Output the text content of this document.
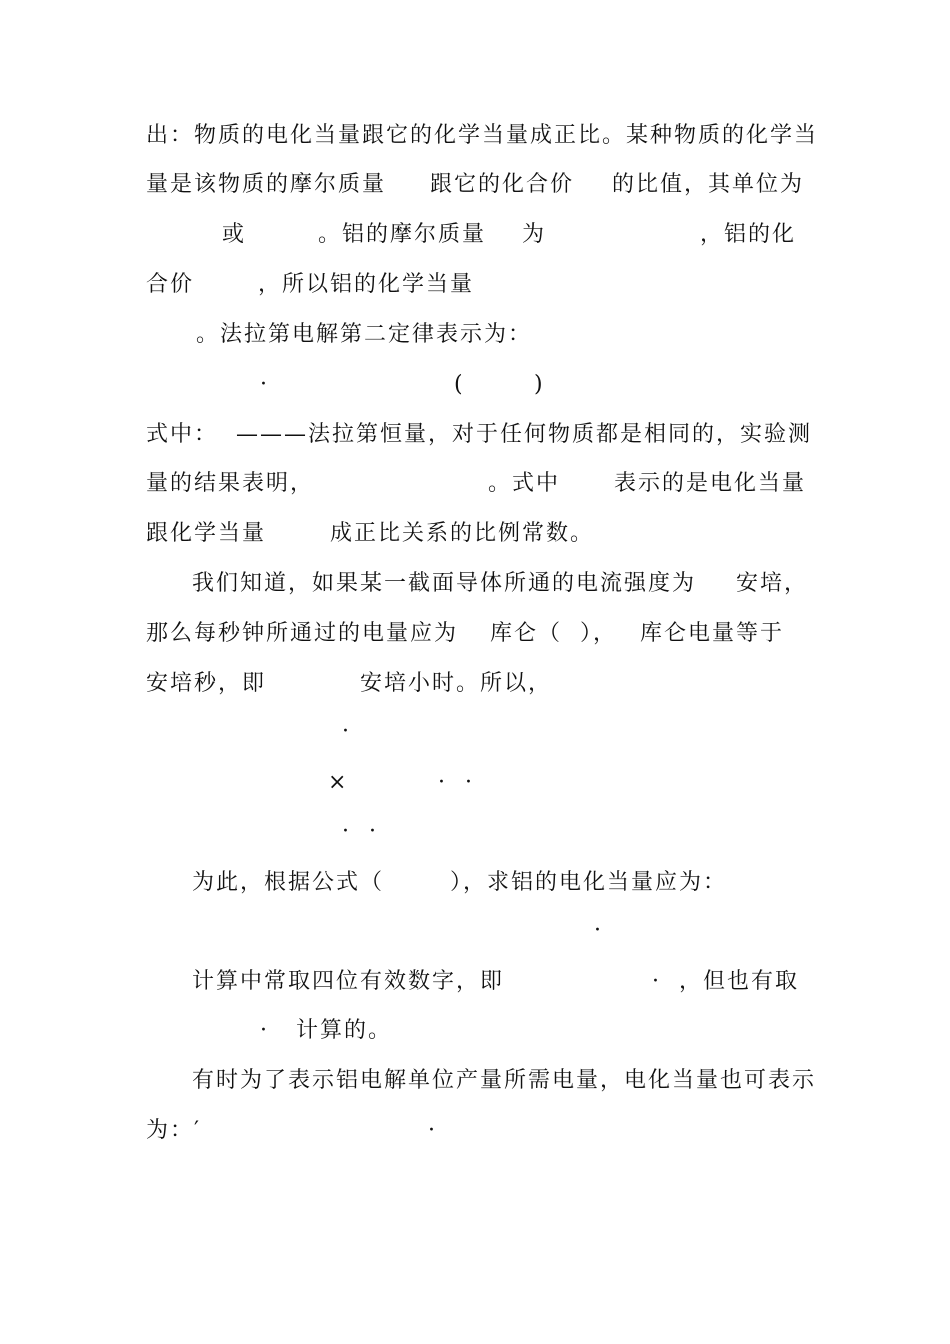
出：物质的电化当量跟它的化学当量成正比。某种物质的化学当
量是该物质的摩尔质量 跟它的化合价 的比值，其单位为
或	。铝的摩尔质量 为	，铝的化
合价	，所以铝的化学当量
。法拉第电解第二定律表示为：
·	(	)
式中：  ———法拉第恒量，对于任何物质都是相同的，实验测
量的结果表明，	。式中 表示的是电化当量
跟化学当量	成正比关系的比例常数。
我们知道，如果某一截面导体所通的电流强度为 安培，
那么每秒钟所通过的电量应为 库仑（  ）， 库仑电量等于
安培秒，即	安培小时。所以，
·
×	·  ·
·  ·
为此，根据公式（	），求铝的电化当量应为：
·
计算中常取四位有效数字，即	·  ，但也有取
· 计算的。
有时为了表示铝电解单位产量所需电量，电化当量也可表示
为：′	·
